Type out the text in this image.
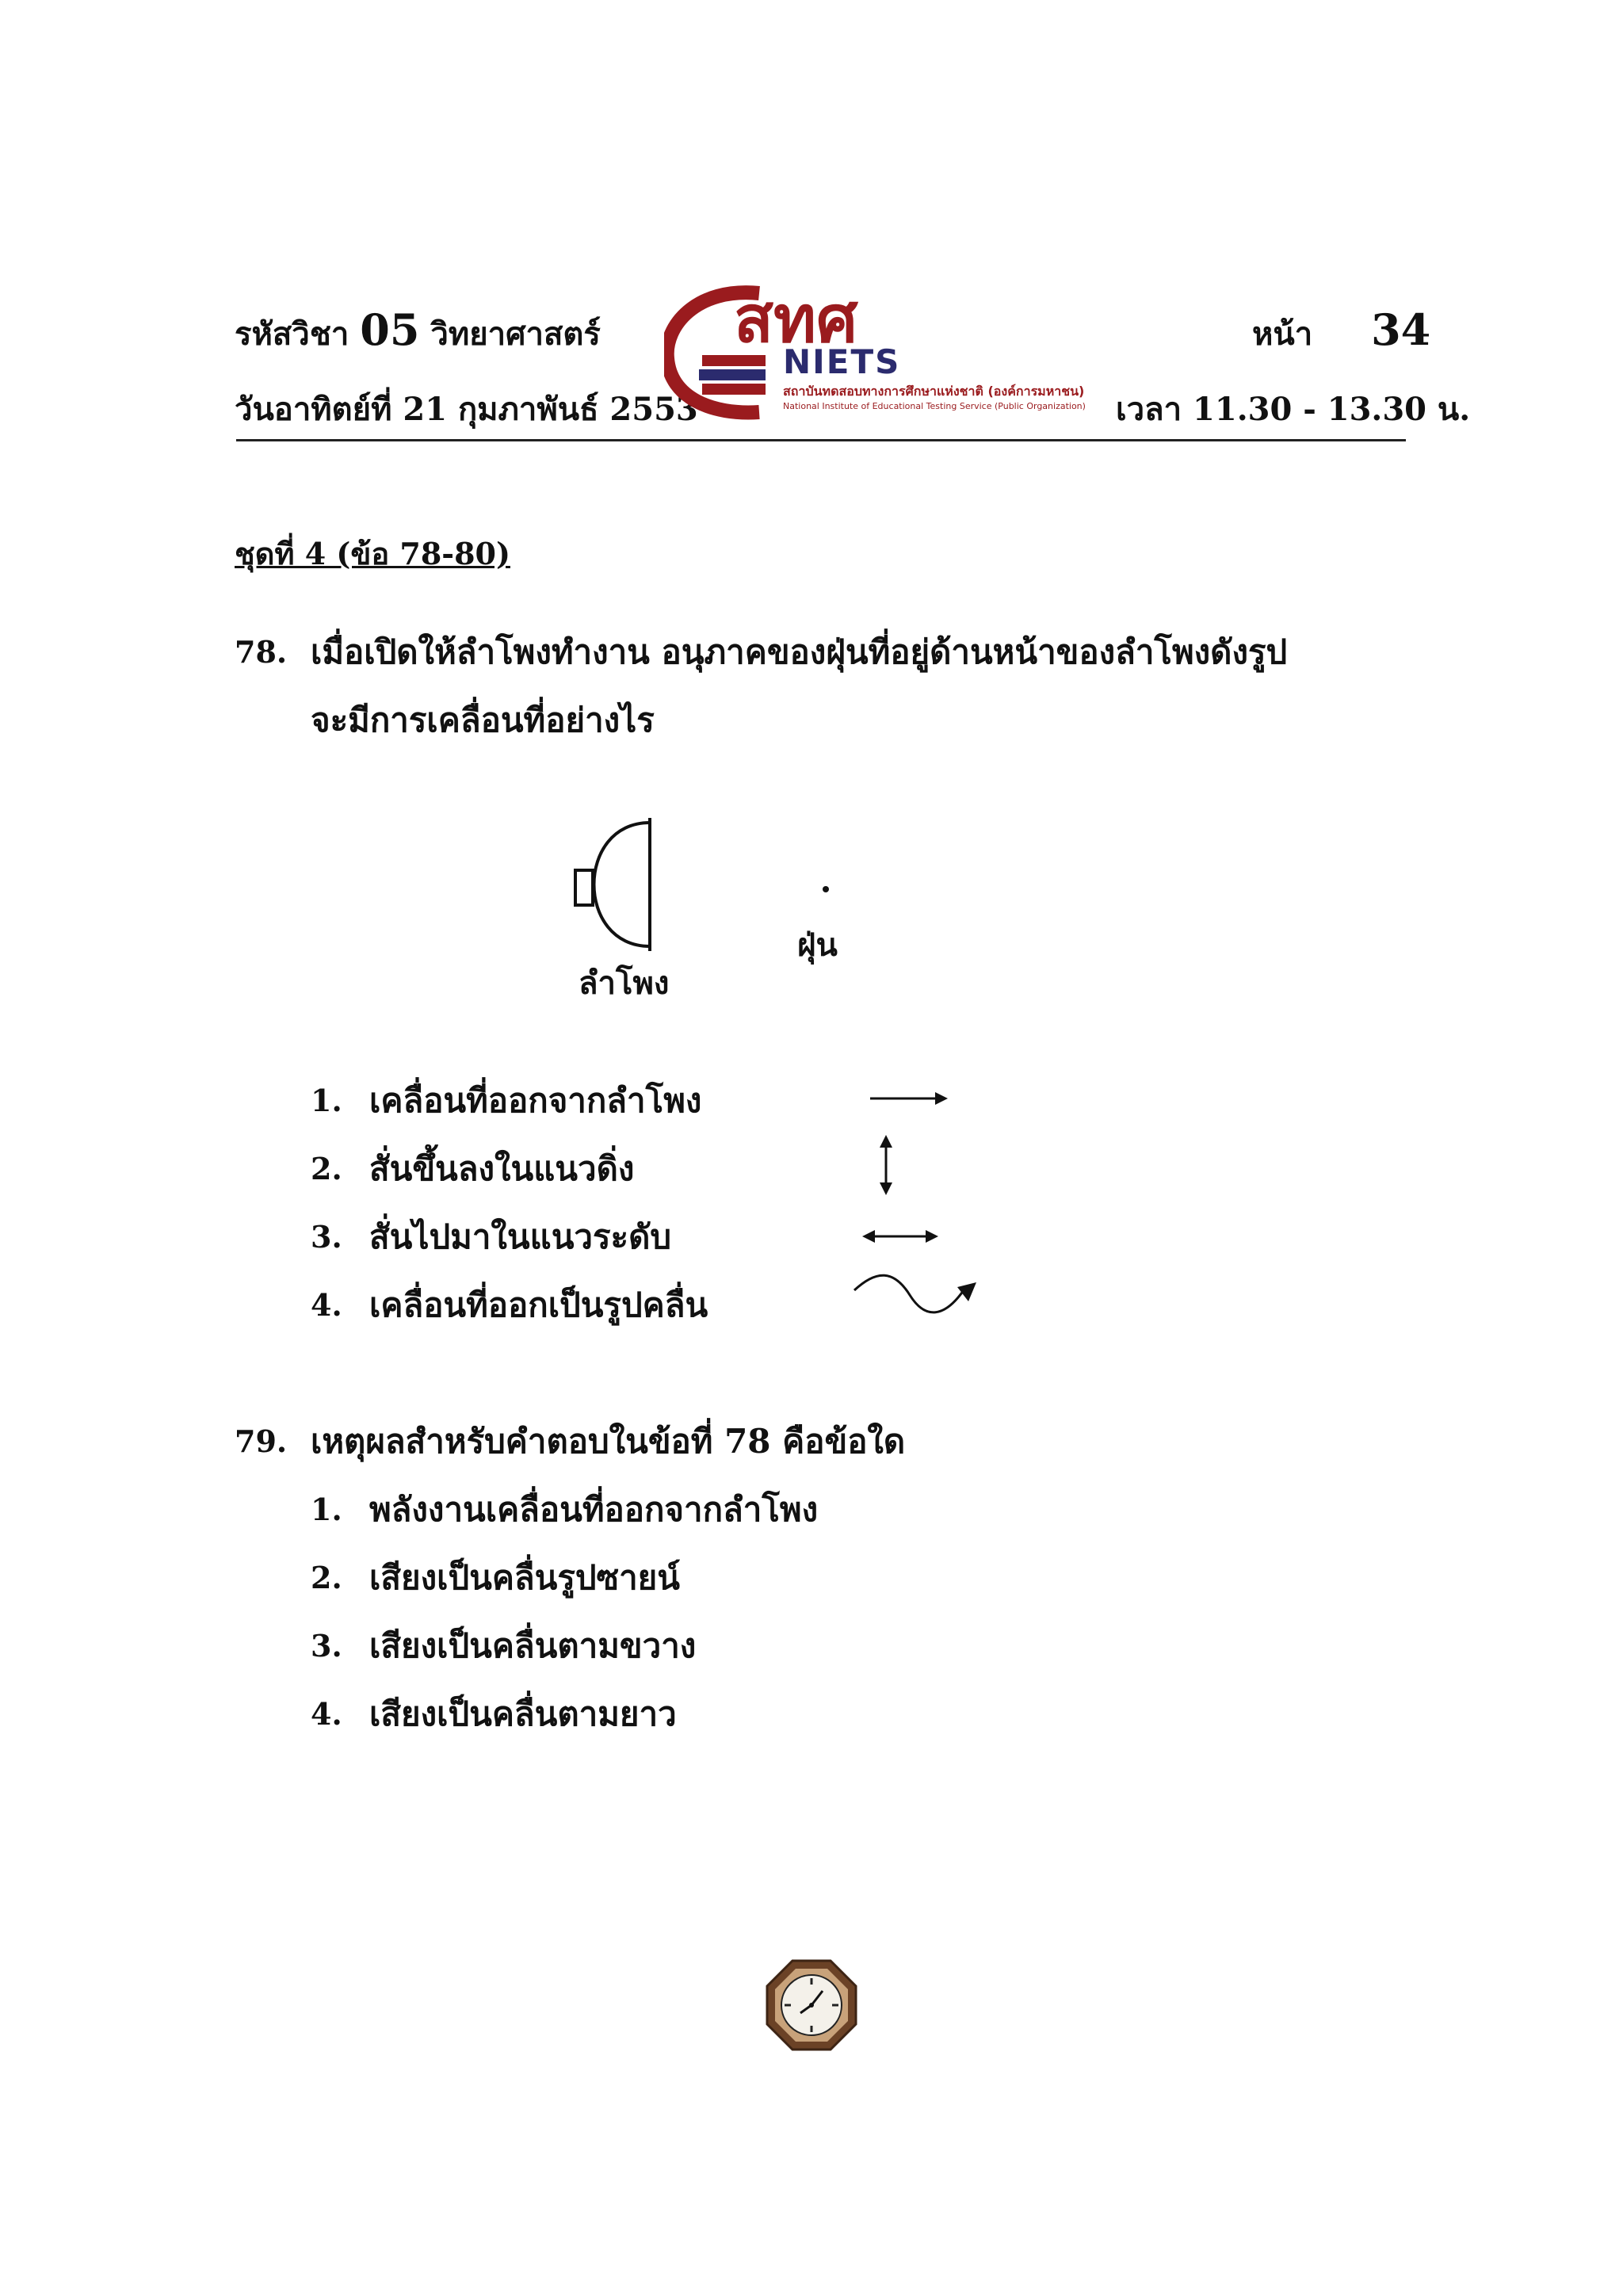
รหัสวิชา 05 วิทยาศาสตร์	หน้า 34
วันอาทิตย์ที่ 21 กุมภาพันธ์ 2553	เวลา 11.30 - 13.30 น.
สทศ
NIETS
สถาบันทดสอบทางการศึกษาแห่งชาติ (องค์การมหาชน)
National Institute of Educational Testing Service (Public Organization)
ชุดที่ 4 (ข้อ 78-80)
78. เมื่อเปิดให้ลำโพงทำงาน อนุภาคของฝุ่นที่อยู่ด้านหน้าของลำโพงดังรูป
จะมีการเคลื่อนที่อย่างไร
ลำโพง
ฝุ่น
1. เคลื่อนที่ออกจากลำโพง
2. สั่นขึ้นลงในแนวดิ่ง
3. สั่นไปมาในแนวระดับ
4. เคลื่อนที่ออกเป็นรูปคลื่น
79. เหตุผลสำหรับคำตอบในข้อที่ 78 คือข้อใด
1. พลังงานเคลื่อนที่ออกจากลำโพง
2. เสียงเป็นคลื่นรูปซายน์
3. เสียงเป็นคลื่นตามขวาง
4. เสียงเป็นคลื่นตามยาว
